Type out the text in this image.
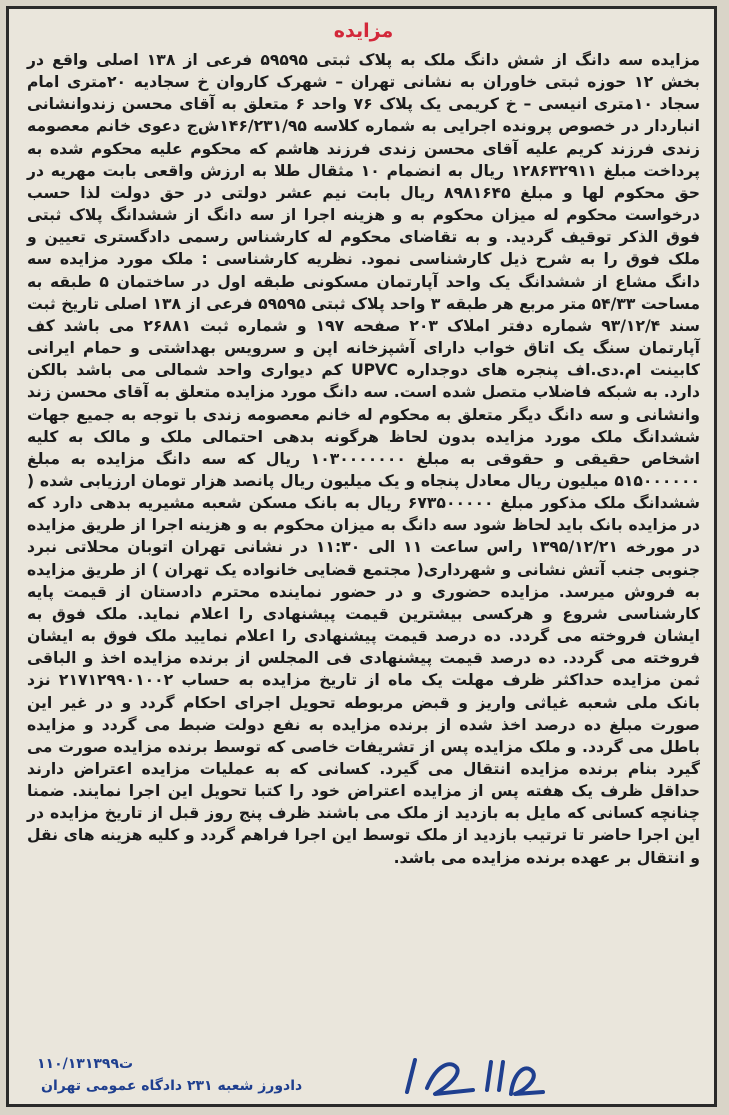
مزایده

مزایده سه دانگ از شش دانگ ملک به پلاک ثبتی ۵۹۵۹۵ فرعی از ۱۳۸ اصلی واقع در بخش ۱۲ حوزه ثبتی خاوران به نشانی تهران – شهرک کاروان خ سجادیه ۲۰متری امام سجاد ۱۰متری انیسی – خ کریمی یک پلاک ۷۶ واحد ۶ متعلق به آقای محسن زندوانشانی انباردار در خصوص پرونده اجرایی به شماره کلاسه ۱۴۶/۲۳۱/۹۵ش‌ج دعوی خانم معصومه زندی فرزند کریم علیه آقای محسن زندی فرزند هاشم که محکوم علیه محکوم شده به پرداخت مبلغ ۱۲۸۶۳۲۹۱۱ ریال به انضمام ۱۰ مثقال طلا به ارزش واقعی بابت مهریه در حق محکوم لها و مبلغ ۸۹۸۱۶۴۵ ریال بابت نیم عشر دولتی در حق دولت لذا حسب درخواست محکوم له میزان محکوم به و هزینه اجرا از سه دانگ از ششدانگ پلاک ثبتی فوق الذکر توقیف گردید. و به تقاضای محکوم له کارشناس رسمی دادگستری تعیین و ملک فوق را به شرح ذیل کارشناسی نمود. نظریه کارشناسی : ملک مورد مزایده سه دانگ مشاع از ششدانگ یک واحد آپارتمان مسکونی طبقه اول در ساختمان ۵ طبقه به مساحت ۵۴/۳۳ متر مربع هر طبقه ۳ واحد پلاک ثبتی ۵۹۵۹۵ فرعی از ۱۳۸ اصلی تاریخ ثبت سند ۹۳/۱۲/۴ شماره دفتر املاک ۲۰۳ صفحه ۱۹۷ و شماره ثبت ۲۶۸۸۱ می باشد کف آپارتمان سنگ یک اتاق خواب دارای آشپزخانه اپن و سرویس بهداشتی و حمام ایرانی کابینت ام.دی.اف پنجره های دوجداره UPVC کم دیواری واحد شمالی می باشد بالکن دارد. به شبکه فاضلاب متصل شده است. سه دانگ مورد مزایده متعلق به آقای محسن زند وانشانی و سه دانگ دیگر متعلق به محکوم له خانم معصومه زندی با توجه به جمیع جهات ششدانگ ملک مورد مزایده بدون لحاظ هرگونه بدهی احتمالی ملک و مالک به کلیه اشخاص حقیقی و حقوقی به مبلغ ۱۰۳۰۰۰۰۰۰۰ ریال که سه دانگ مزایده به مبلغ ۵۱۵۰۰۰۰۰۰ میلیون ریال معادل پنجاه و یک میلیون ریال پانصد هزار تومان ارزیابی شده ( ششدانگ ملک مذکور مبلغ ۶۷۳۵۰۰۰۰۰ ریال به بانک مسکن شعبه مشیریه بدهی دارد که در مزایده بانک باید لحاظ شود سه دانگ به میزان محکوم به و هزینه اجرا از طریق مزایده در مورخه ۱۳۹۵/۱۲/۲۱ راس ساعت ۱۱ الی ۱۱:۳۰ در نشانی تهران اتوبان محلاتی نبرد جنوبی جنب آتش نشانی و شهرداری( مجتمع قضایی خانواده یک تهران ) از طریق مزایده به فروش میرسد. مزایده حضوری و در حضور نماینده محترم دادستان از قیمت پایه کارشناسی شروع و هرکسی بیشترین قیمت پیشنهادی را اعلام نماید. ملک فوق به ایشان فروخته می گردد. ده درصد قیمت پیشنهادی را اعلام نمایید ملک فوق به ایشان فروخته می گردد. ده درصد قیمت پیشنهادی فی المجلس از برنده مزایده اخذ و الباقی ثمن مزایده حداکثر ظرف مهلت یک ماه از تاریخ مزایده به حساب ۲۱۷۱۲۹۹۰۱۰۰۲ نزد بانک ملی شعبه غیاثی واریز و قبض مربوطه تحویل اجرای احکام گردد و در غیر این صورت مبلغ ده درصد اخذ شده از برنده مزایده به نفع دولت ضبط می گردد و مزایده باطل می گردد. و ملک مزایده پس از تشریفات خاصی که توسط برنده مزایده صورت می گیرد بنام برنده مزایده انتقال می گیرد. کسانی که به عملیات مزایده اعتراض دارند حداقل ظرف یک هفته پس از مزایده اعتراض خود را کتبا تحویل این اجرا نمایند. ضمنا چنانچه کسانی که مایل به بازدید از ملک می باشند ظرف پنج روز قبل از تاریخ مزایده در این اجرا حاضر تا ترتیب بازدید از ملک توسط این اجرا فراهم گردد و کلیه هزینه های نقل و انتقال بر عهده برنده مزایده می باشد.

۱۱۰/۱۳۱۳۹۹ت
دادورز شعبه ۲۳۱ دادگاه عمومی تهران
